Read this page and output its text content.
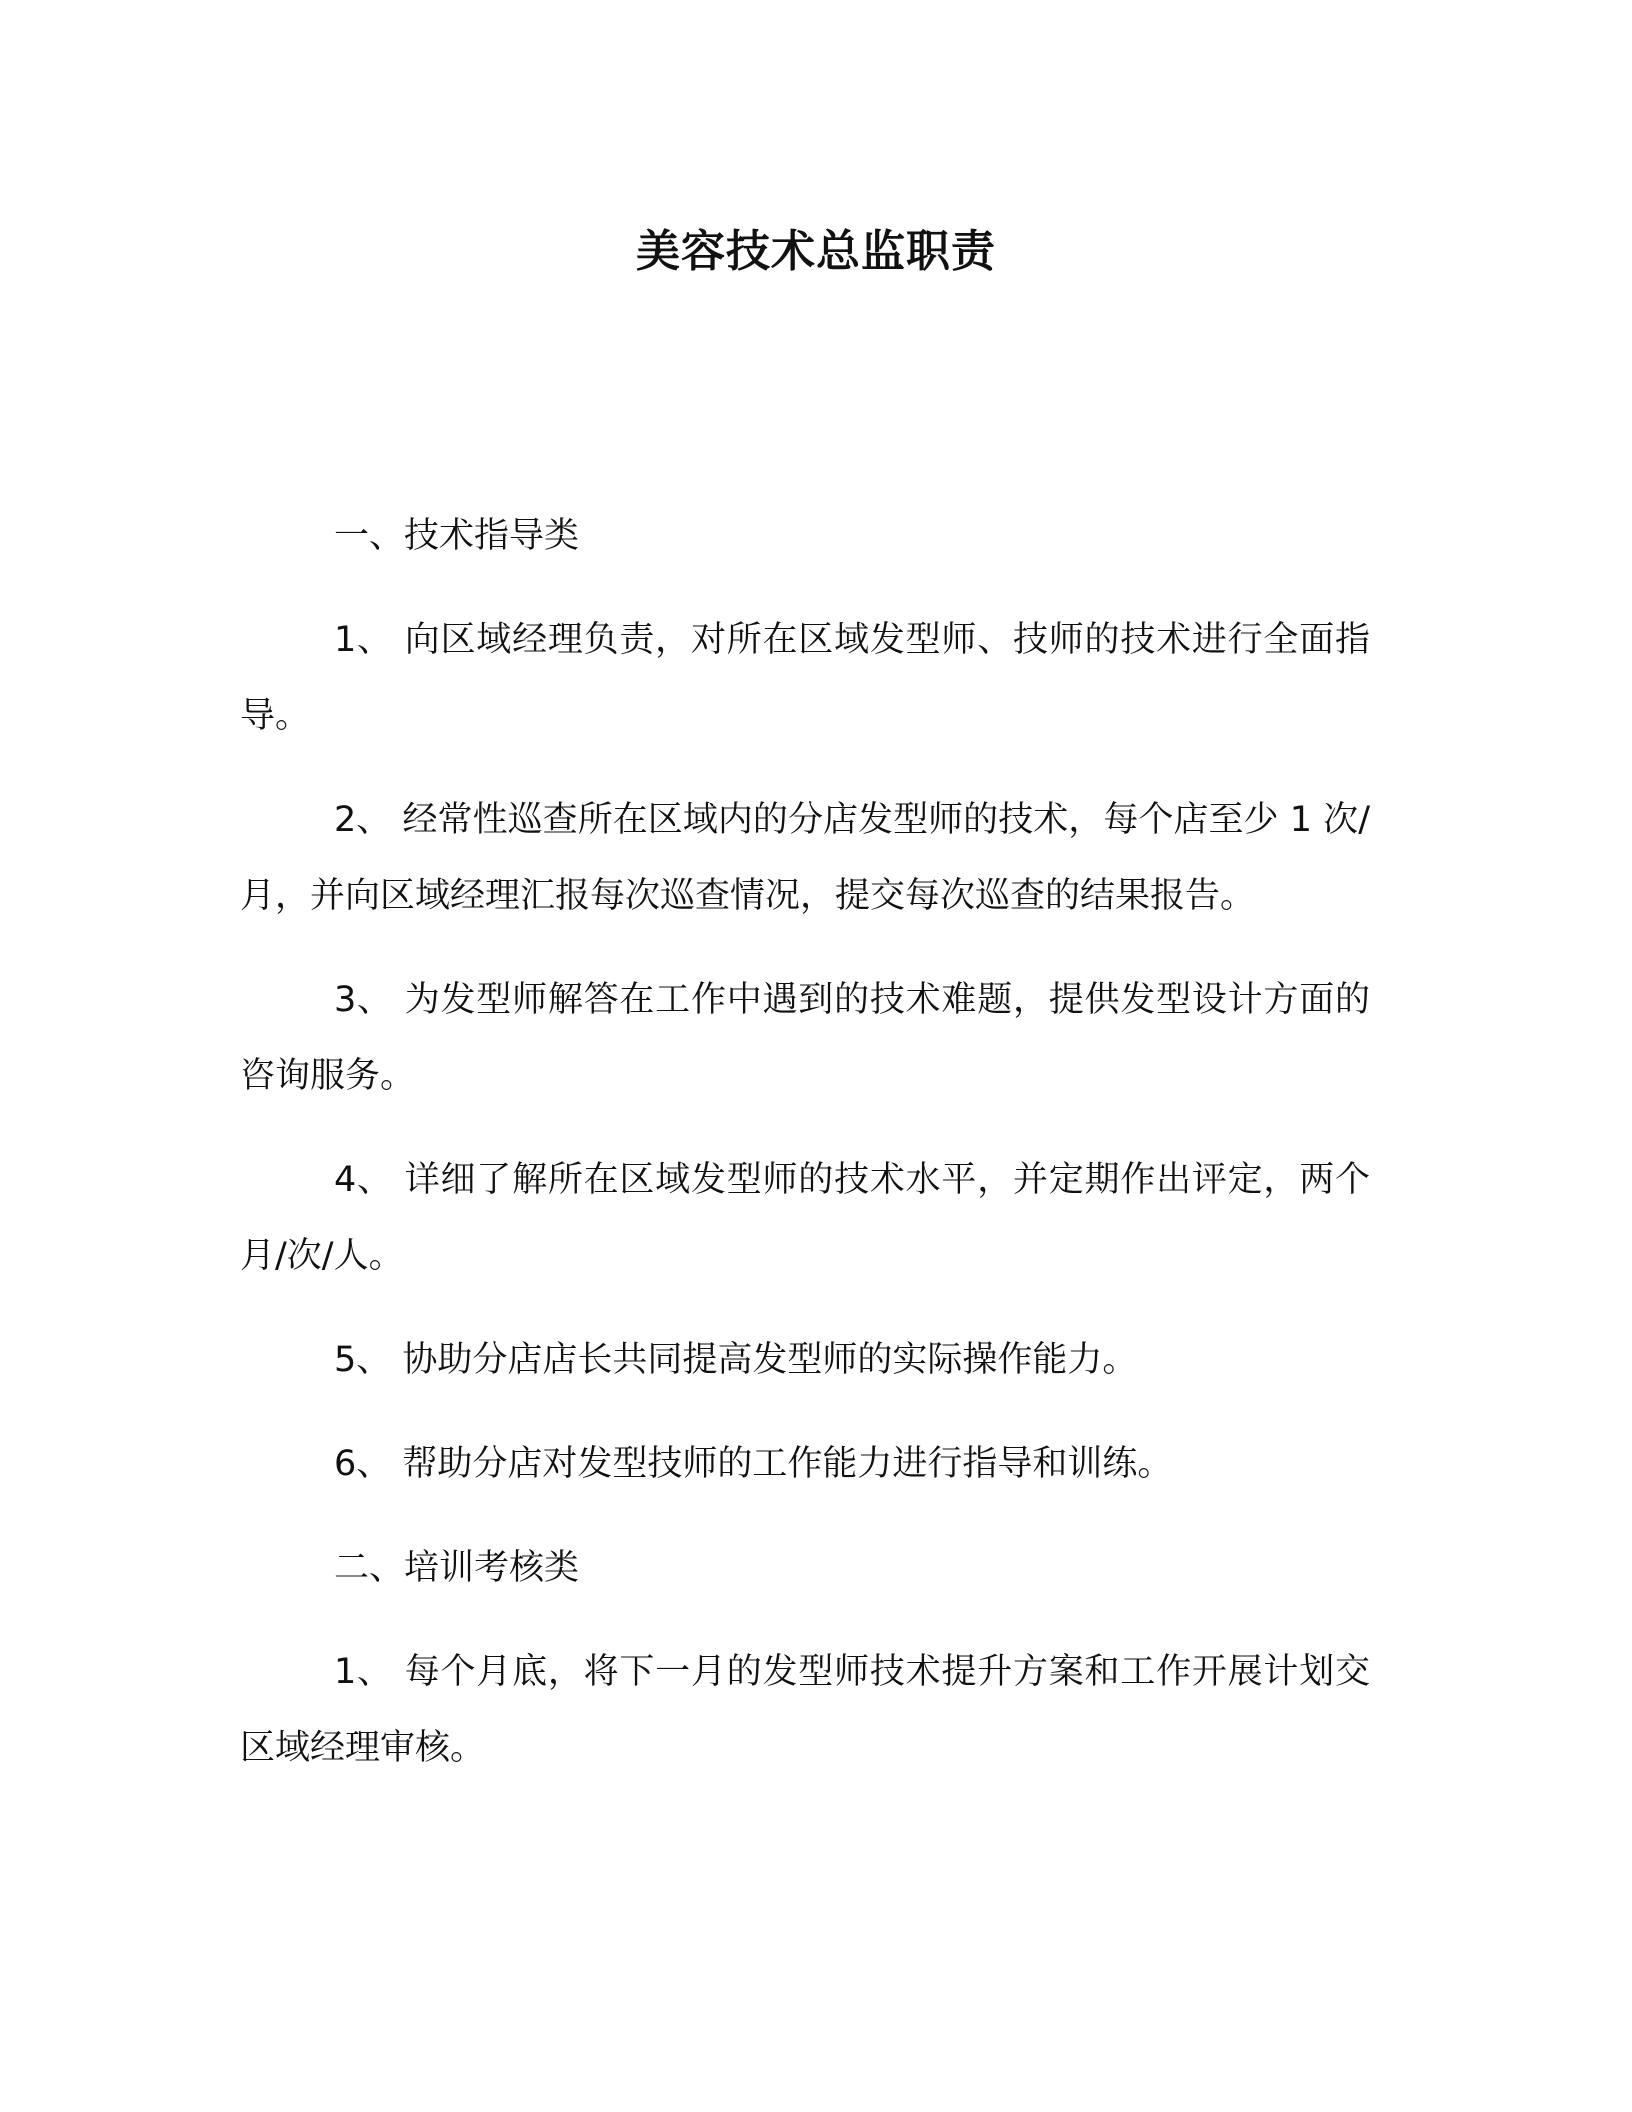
美容技术总监职责

一、技术指导类

1、 向区域经理负责，对所在区域发型师、技师的技术进行全面指导。

2、 经常性巡查所在区域内的分店发型师的技术，每个店至少 1 次/月，并向区域经理汇报每次巡查情况，提交每次巡查的结果报告。

3、 为发型师解答在工作中遇到的技术难题，提供发型设计方面的咨询服务。

4、 详细了解所在区域发型师的技术水平，并定期作出评定，两个月/次/人。

5、 协助分店店长共同提高发型师的实际操作能力。

6、 帮助分店对发型技师的工作能力进行指导和训练。

二、培训考核类

1、 每个月底，将下一月的发型师技术提升方案和工作开展计划交区域经理审核。
